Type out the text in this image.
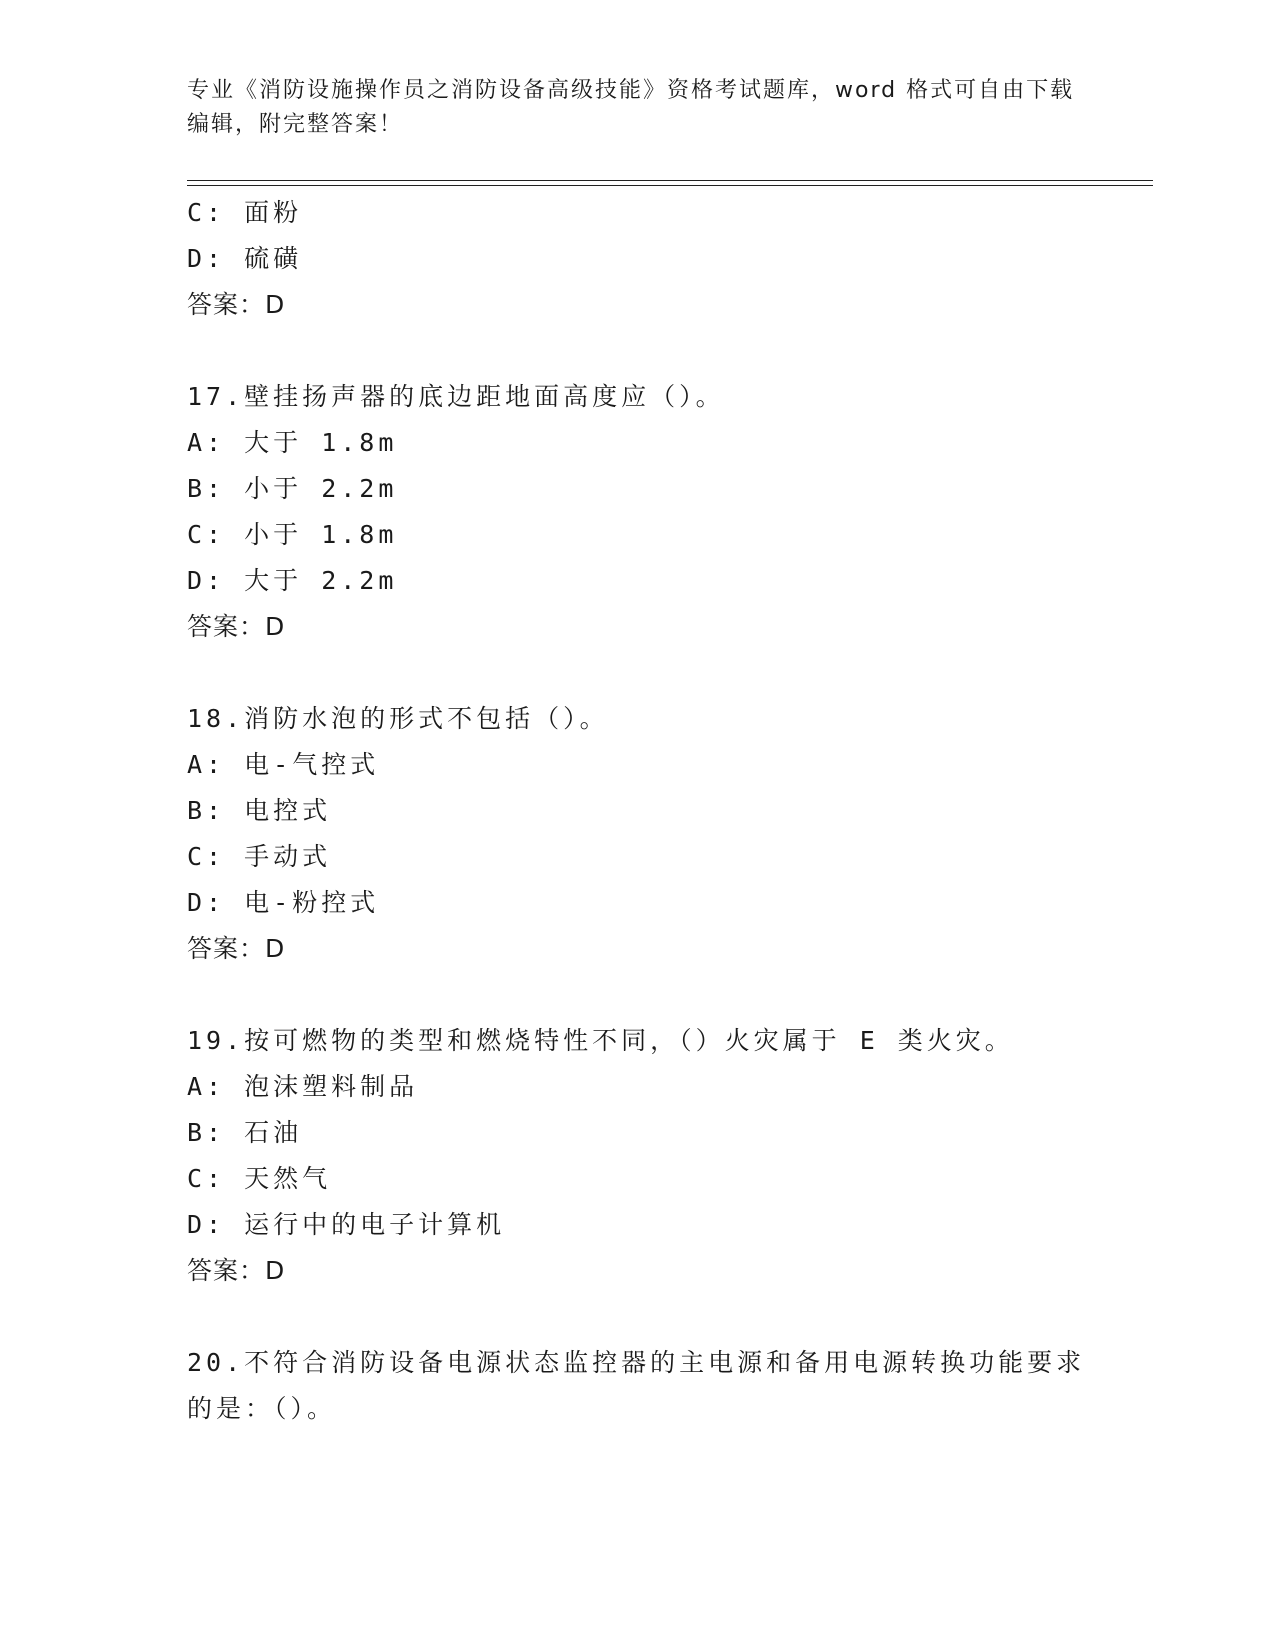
专业《消防设施操作员之消防设备高级技能》资格考试题库，word 格式可自由下载编辑，附完整答案！
C: 面粉
D: 硫磺
答案：D
17.壁挂扬声器的底边距地面高度应（）。
A: 大于 1.8m
B: 小于 2.2m
C: 小于 1.8m
D: 大于 2.2m
答案：D
18.消防水泡的形式不包括（）。
A: 电-气控式
B: 电控式
C: 手动式
D: 电-粉控式
答案：D
19.按可燃物的类型和燃烧特性不同，（）火灾属于 E 类火灾。
A: 泡沫塑料制品
B: 石油
C: 天然气
D: 运行中的电子计算机
答案：D
20.不符合消防设备电源状态监控器的主电源和备用电源转换功能要求的是：（）。
